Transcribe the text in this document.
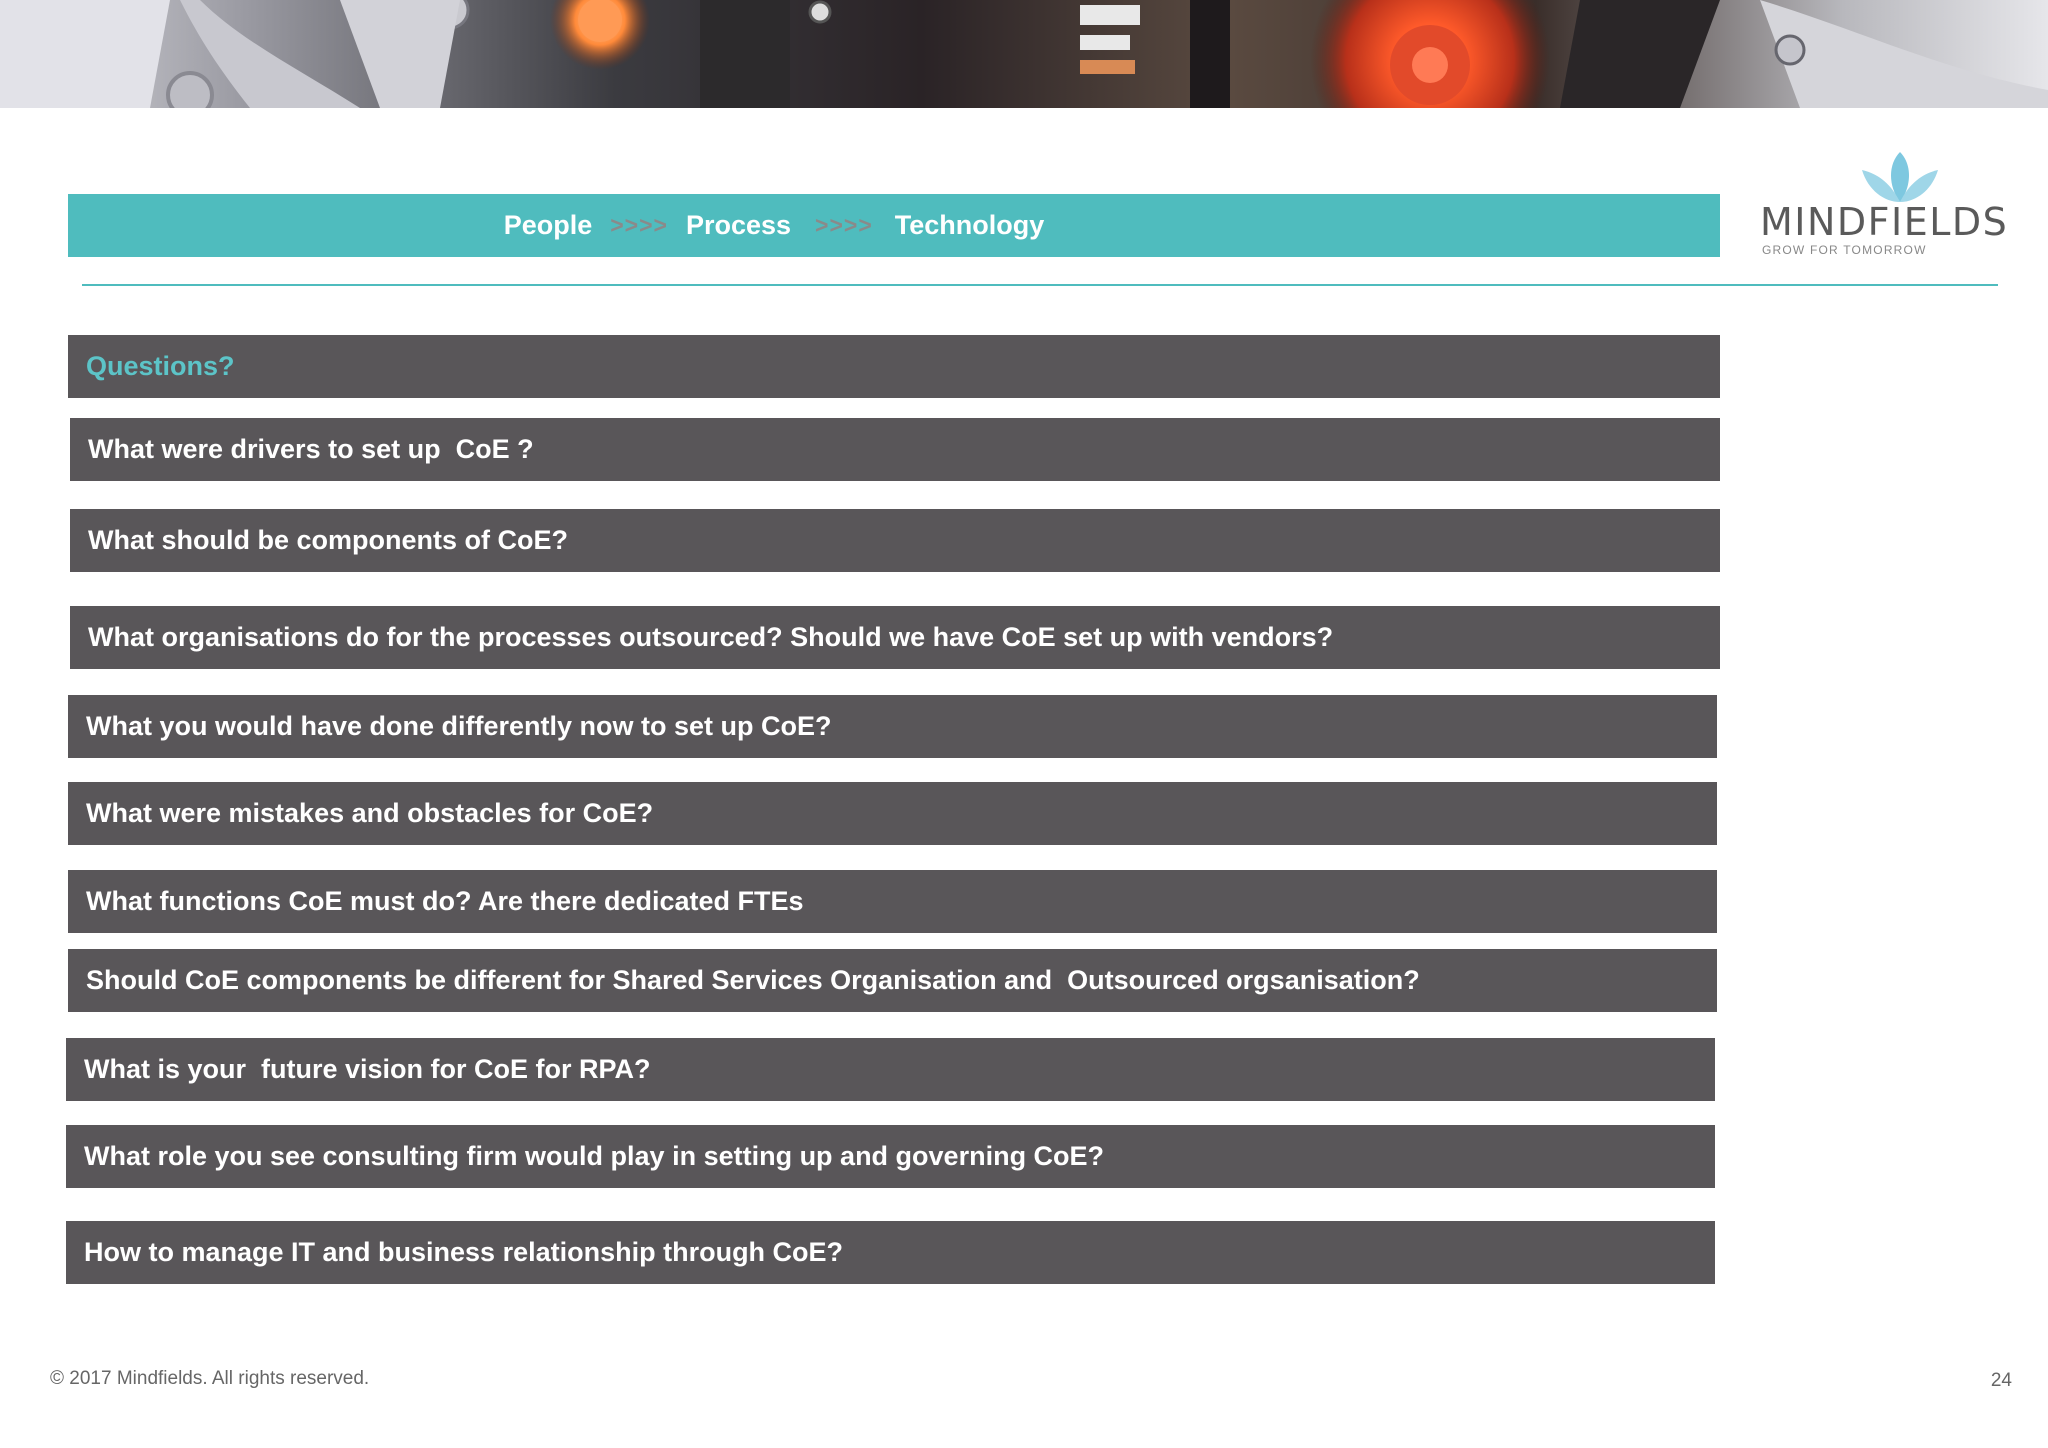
People >>>> Process >>>> Technology	MINDFIELDS
GROW FOR TOMORROW
Questions?
What were drivers to set up  CoE ?
What should be components of CoE?
What organisations do for the processes outsourced? Should we have CoE set up with vendors?
What you would have done differently now to set up CoE?
What were mistakes and obstacles for CoE?
What functions CoE must do? Are there dedicated FTEs
Should CoE components be different for Shared Services Organisation and  Outsourced orgsanisation?
What is your  future vision for CoE for RPA?
What role you see consulting firm would play in setting up and governing CoE?
How to manage IT and business relationship through CoE?
© 2017 Mindfields. All rights reserved.	24
